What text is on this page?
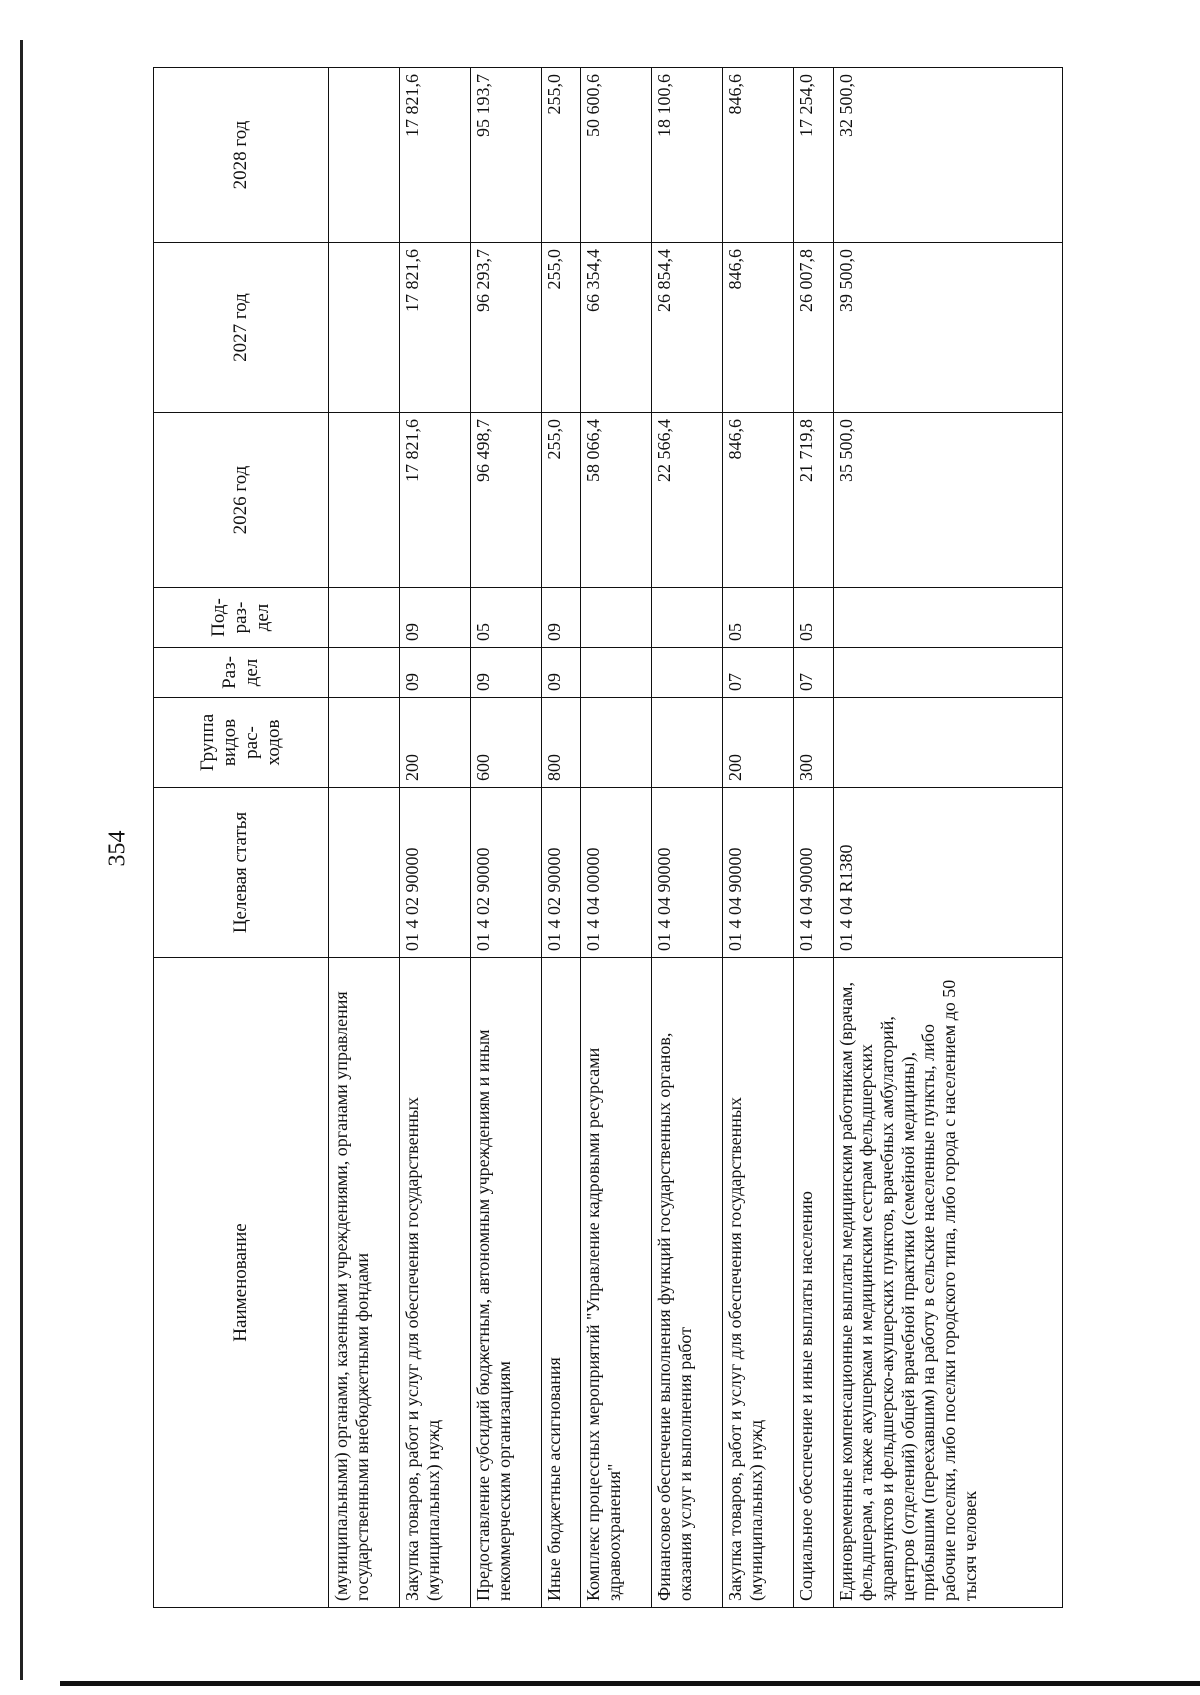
354
Наименование	Целевая статья	Группа видов рас- ходов	Раз- дел	Под- раз- дел	2026 год	2027 год	2028 год
(муниципальными) органами, казенными учреждениями, органами управления государственными внебюджетными фондами							
Закупка товаров, работ и услуг для обеспечения государственных (муниципальных) нужд	01 4 02 90000	200	09	09	17 821,6	17 821,6	17 821,6
Предоставление субсидий бюджетным, автономным учреждениям и иным некоммерческим организациям	01 4 02 90000	600	09	05	96 498,7	96 293,7	95 193,7
Иные бюджетные ассигнования	01 4 02 90000	800	09	09	255,0	255,0	255,0
Комплекс процессных мероприятий "Управление кадровыми ресурсами здравоохранения"	01 4 04 00000				58 066,4	66 354,4	50 600,6
Финансовое обеспечение выполнения функций государственных органов, оказания услуг и выполнения работ	01 4 04 90000				22 566,4	26 854,4	18 100,6
Закупка товаров, работ и услуг для обеспечения государственных (муниципальных) нужд	01 4 04 90000	200	07	05	846,6	846,6	846,6
Социальное обеспечение и иные выплаты населению	01 4 04 90000	300	07	05	21 719,8	26 007,8	17 254,0
Единовременные компенсационные выплаты медицинским работникам (врачам, фельдшерам, а также акушеркам и медицинским сестрам фельдшерских здравпунктов и фельдшерско-акушерских пунктов, врачебных амбулаторий, центров (отделений) общей врачебной практики (семейной медицины), прибывшим (переехавшим) на работу в сельские населенные пункты, либо рабочие поселки, либо поселки городского типа, либо города с населением до 50 тысяч человек	01 4 04 R1380				35 500,0	39 500,0	32 500,0
